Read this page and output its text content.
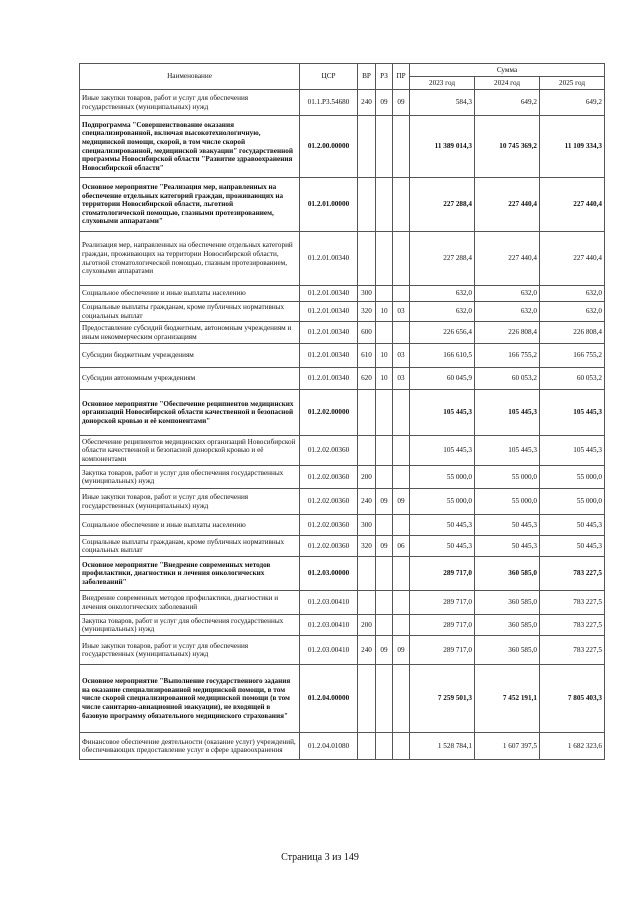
Наименование	ЦСР	ВР	РЗ	ПР	Сумма		
					2023 год	2024 год	2025 год
Иные закупки товаров, работ и услуг для обеспечения государственных (муниципальных) нужд	01.1.Р3.54680	240	09	09	584,3	649,2	649,2
Подпрограмма "Совершенствование оказания специализированной, включая высокотехнологичную, медицинской помощи, скорой, в том числе скорой специализированной, медицинской эвакуации" государственной программы Новосибирской области "Развитие здравоохранения Новосибирской области"	01.2.00.00000				11 389 014,3	10 745 369,2	11 109 334,3
Основное мероприятие "Реализация мер, направленных на обеспечение отдельных категорий граждан, проживающих на территории Новосибирской области, льготной стоматологической помощью, глазными протезированием, слуховыми аппаратами"	01.2.01.00000				227 288,4	227 440,4	227 440,4
Реализация мер, направленных на обеспечение отдельных категорий граждан, проживающих на территории Новосибирской области, льготной стоматологической помощью, глазным протезированием, слуховыми аппаратами	01.2.01.00340				227 288,4	227 440,4	227 440,4
Социальное обеспечение и иные выплаты населению	01.2.01.00340	300			632,0	632,0	632,0
Социальные выплаты гражданам, кроме публичных нормативных социальных выплат	01.2.01.00340	320	10	03	632,0	632,0	632,0
Предоставление субсидий бюджетным, автономным учреждениям и иным некоммерческим организациям	01.2.01.00340	600			226 656,4	226 808,4	226 808,4
Субсидии бюджетным учреждениям	01.2.01.00340	610	10	03	166 610,5	166 755,2	166 755,2
Субсидии автономным учреждениям	01.2.01.00340	620	10	03	60 045,9	60 053,2	60 053,2
Основное мероприятие "Обеспечение реципиентов медицинских организаций Новосибирской области качественной и безопасной донорской кровью и её компонентами"	01.2.02.00000				105 445,3	105 445,3	105 445,3
Обеспечение реципиентов медицинских организаций Новосибирской области качественной и безопасной донорской кровью и её компонентами	01.2.02.00360				105 445,3	105 445,3	105 445,3
Закупка товаров, работ и услуг для обеспечения государственных (муниципальных) нужд	01.2.02.00360	200			55 000,0	55 000,0	55 000,0
Иные закупки товаров, работ и услуг для обеспечения государственных (муниципальных) нужд	01.2.02.00360	240	09	09	55 000,0	55 000,0	55 000,0
Социальное обеспечение и иные выплаты населению	01.2.02.00360	300			50 445,3	50 445,3	50 445,3
Социальные выплаты гражданам, кроме публичных нормативных социальных выплат	01.2.02.00360	320	09	06	50 445,3	50 445,3	50 445,3
Основное мероприятие "Внедрение современных методов профилактики, диагностики и лечения онкологических заболеваний"	01.2.03.00000				289 717,0	360 585,0	783 227,5
Внедрение современных методов профилактики, диагностики и лечения онкологических заболеваний	01.2.03.00410				289 717,0	360 585,0	783 227,5
Закупка товаров, работ и услуг для обеспечения государственных (муниципальных) нужд	01.2.03.00410	200			289 717,0	360 585,0	783 227,5
Иные закупки товаров, работ и услуг для обеспечения государственных (муниципальных) нужд	01.2.03.00410	240	09	09	289 717,0	360 585,0	783 227,5
Основное мероприятие "Выполнение государственного задания на оказание специализированной медицинской помощи, в том числе скорой специализированной медицинской помощи (в том числе санитарно-авиационной эвакуации), не входящей в базовую программу обязательного медицинского страхования"	01.2.04.00000				7 259 501,3	7 452 191,1	7 805 403,3
Финансовое обеспечение деятельности (оказание услуг) учреждений, обеспечивающих предоставление услуг в сфере здравоохранения	01.2.04.01080				1 528 784,1	1 607 397,5	1 682 323,6
Страница 3 из 149
